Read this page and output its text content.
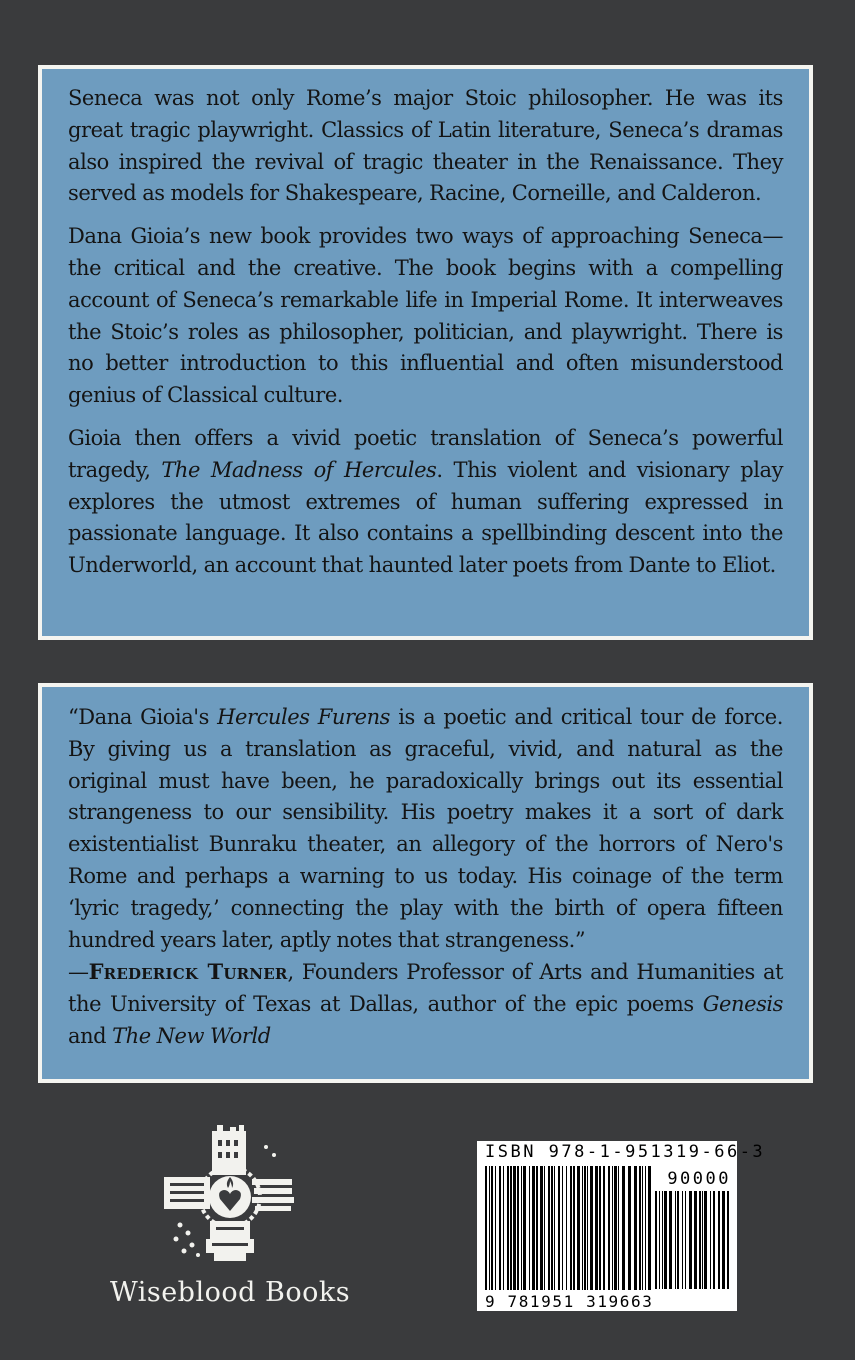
Seneca was not only Rome’s major Stoic philosopher. He was its great tragic playwright. Classics of Latin literature, Seneca’s dramas also inspired the revival of tragic theater in the Renaissance. They served as models for Shakespeare, Racine, Corneille, and Calderon.

Dana Gioia’s new book provides two ways of approaching Seneca—the critical and the creative. The book begins with a compelling account of Seneca’s remarkable life in Imperial Rome. It interweaves the Stoic’s roles as philosopher, politician, and playwright. There is no better introduction to this influential and often misunderstood genius of Classical culture.

Gioia then offers a vivid poetic translation of Seneca’s powerful tragedy, The Madness of Hercules. This violent and visionary play explores the utmost extremes of human suffering expressed in passionate language. It also contains a spellbinding descent into the Underworld, an account that haunted later poets from Dante to Eliot.

“Dana Gioia's Hercules Furens is a poetic and critical tour de force. By giving us a translation as graceful, vivid, and natural as the original must have been, he paradoxically brings out its essential strangeness to our sensibility. His poetry makes it a sort of dark existentialist Bunraku theater, an allegory of the horrors of Nero's Rome and perhaps a warning to us today. His coinage of the term ‘lyric tragedy,’ connecting the play with the birth of opera fifteen hundred years later, aptly notes that strangeness.”

—Frederick Turner, Founders Professor of Arts and Humanities at the University of Texas at Dallas, author of the epic poems Genesis and The New World

Wiseblood Books
ISBN 978-1-951319-66-3
90000
9 781951 319663
